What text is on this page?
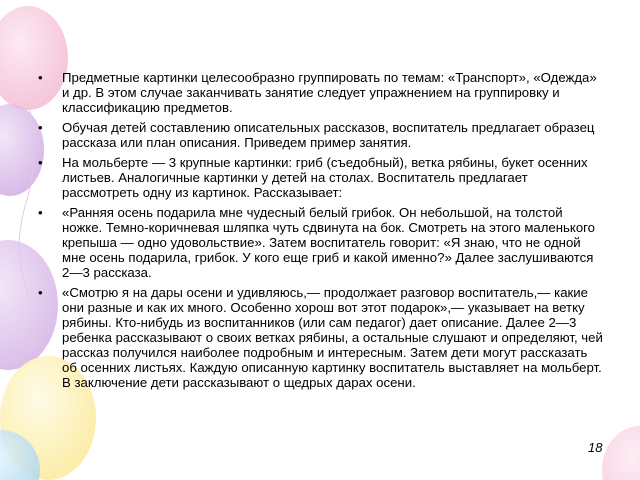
•	Предметные картинки целесообразно группировать по темам: «Транспорт», «Одежда» и др. В этом случае заканчивать занятие следует упражнением на группировку и классификацию предметов.
•	Обучая детей составлению описательных рассказов, воспитатель предлагает образец рассказа или план описания. Приведем пример занятия.
•	На мольберте — 3 крупные картинки: гриб (съедобный), ветка рябины, букет осенних листьев. Аналогичные картинки у детей на столах. Воспитатель предлагает рассмотреть одну из картинок. Рассказывает:
•	«Ранняя осень подарила мне чудесный белый грибок. Он небольшой, на толстой ножке. Темно-коричневая шляпка чуть сдвинута на бок. Смотреть на этого маленького крепыша — одно удовольствие». Затем воспитатель говорит: «Я знаю, что не одной мне осень подарила, грибок. У кого еще гриб и какой именно?» Далее заслушиваются 2—3 рассказа.
•	«Смотрю я на дары осени и удивляюсь,— продолжает разговор воспитатель,— какие они разные и как их много. Особенно хорош вот этот подарок»,— указывает на ветку рябины. Кто-нибудь из воспитанников (или сам педагог) дает описание. Далее 2—3 ребенка рассказывают о своих ветках рябины, а остальные слушают и определяют, чей рассказ получился наиболее подробным и интересным. Затем дети могут рассказать об осенних листьях. Каждую описанную картинку воспитатель выставляет на мольберт. В заключение дети рассказывают о щедрых дарах осени.
18
